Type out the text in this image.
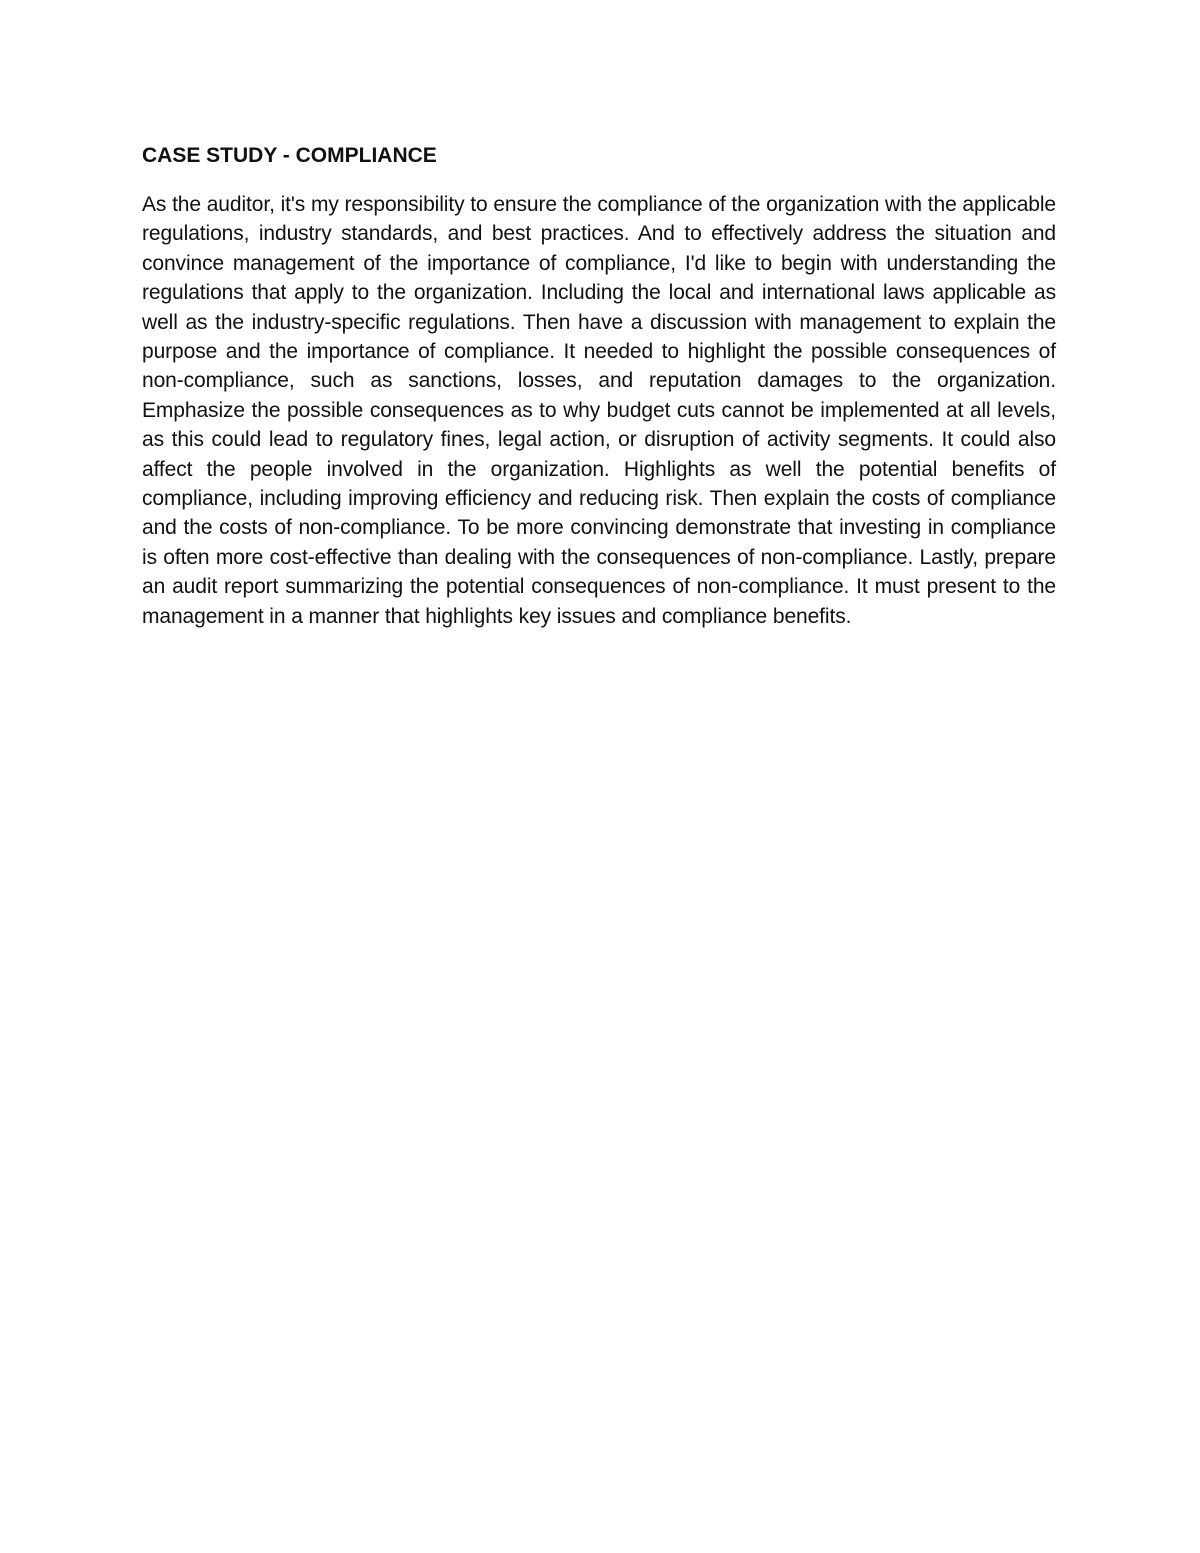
CASE STUDY - COMPLIANCE

As the auditor, it's my responsibility to ensure the compliance of the organization with the applicable regulations, industry standards, and best practices. And to effectively address the situation and convince management of the importance of compliance, I'd like to begin with understanding the regulations that apply to the organization. Including the local and international laws applicable as well as the industry-specific regulations. Then have a discussion with management to explain the purpose and the importance of compliance. It needed to highlight the possible consequences of non-compliance, such as sanctions, losses, and reputation damages to the organization. Emphasize the possible consequences as to why budget cuts cannot be implemented at all levels, as this could lead to regulatory fines, legal action, or disruption of activity segments. It could also affect the people involved in the organization. Highlights as well the potential benefits of compliance, including improving efficiency and reducing risk. Then explain the costs of compliance and the costs of non-compliance. To be more convincing demonstrate that investing in compliance is often more cost-effective than dealing with the consequences of non-compliance. Lastly, prepare an audit report summarizing the potential consequences of non-compliance. It must present to the management in a manner that highlights key issues and compliance benefits.
